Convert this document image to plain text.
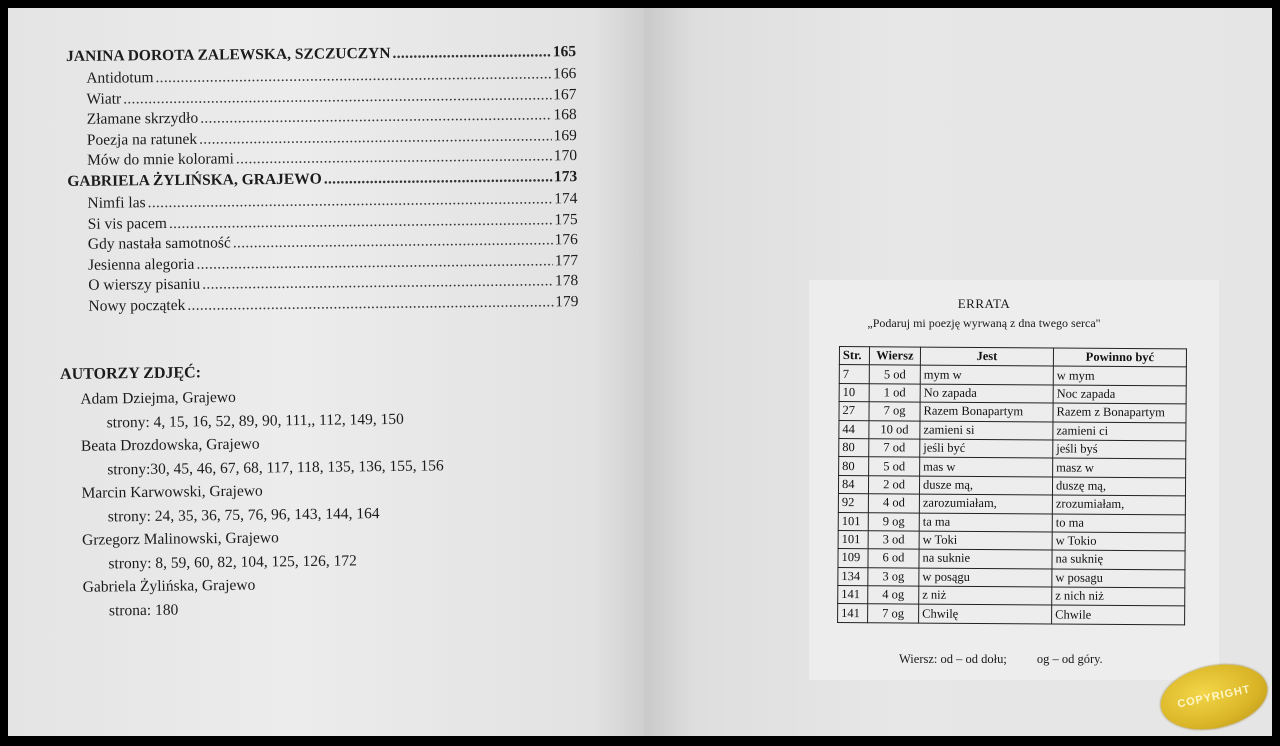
JANINA DOROTA ZALEWSKA, SZCZUCZYN .....	165
Antidotum .....	166
Wiatr .....	167
Złamane skrzydło .....	168
Poezja na ratunek .....	169
Mów do mnie kolorami .....	170
GABRIELA ŻYLIŃSKA, GRAJEWO .....	173
Nimfi las .....	174
Si vis pacem .....	175
Gdy nastała samotność .....	176
Jesienna alegoria .....	177
O wierszy pisaniu .....	178
Nowy początek .....	179
AUTORZY ZDJĘĆ:
Adam Dziejma, Grajewo
strony: 4, 15, 16, 52, 89, 90, 111,, 112, 149, 150
Beata Drozdowska, Grajewo
strony:30, 45, 46, 67, 68, 117, 118, 135, 136, 155, 156
Marcin Karwowski, Grajewo
strony: 24, 35, 36, 75, 76, 96, 143, 144, 164
Grzegorz Malinowski, Grajewo
strony: 8, 59, 60, 82, 104, 125, 126, 172
Gabriela Żylińska, Grajewo
strona: 180
ERRATA
„Podaruj mi poezję wyrwaną z dna twego serca"
Str.	Wiersz	Jest	Powinno być
7	5 od	mym w	w mym
10	1 od	No zapada	Noc zapada
27	7 og	Razem Bonapartym	Razem z Bonapartym
44	10 od	zamieni si	zamieni ci
80	7 od	jeśli być	jeśli byś
80	5 od	mas w	masz w
84	2 od	dusze mą,	duszę mą,
92	4 od	zarozumiałam,	zrozumiałam,
101	9 og	ta ma	to ma
101	3 od	w Toki	w Tokio
109	6 od	na suknie	na suknię
134	3 og	w posągu	w posagu
141	4 og	z niż	z nich niż
141	7 og	Chwilę	Chwile
Wiersz: od – od dołu; og – od góry.
COPYRIGHT
